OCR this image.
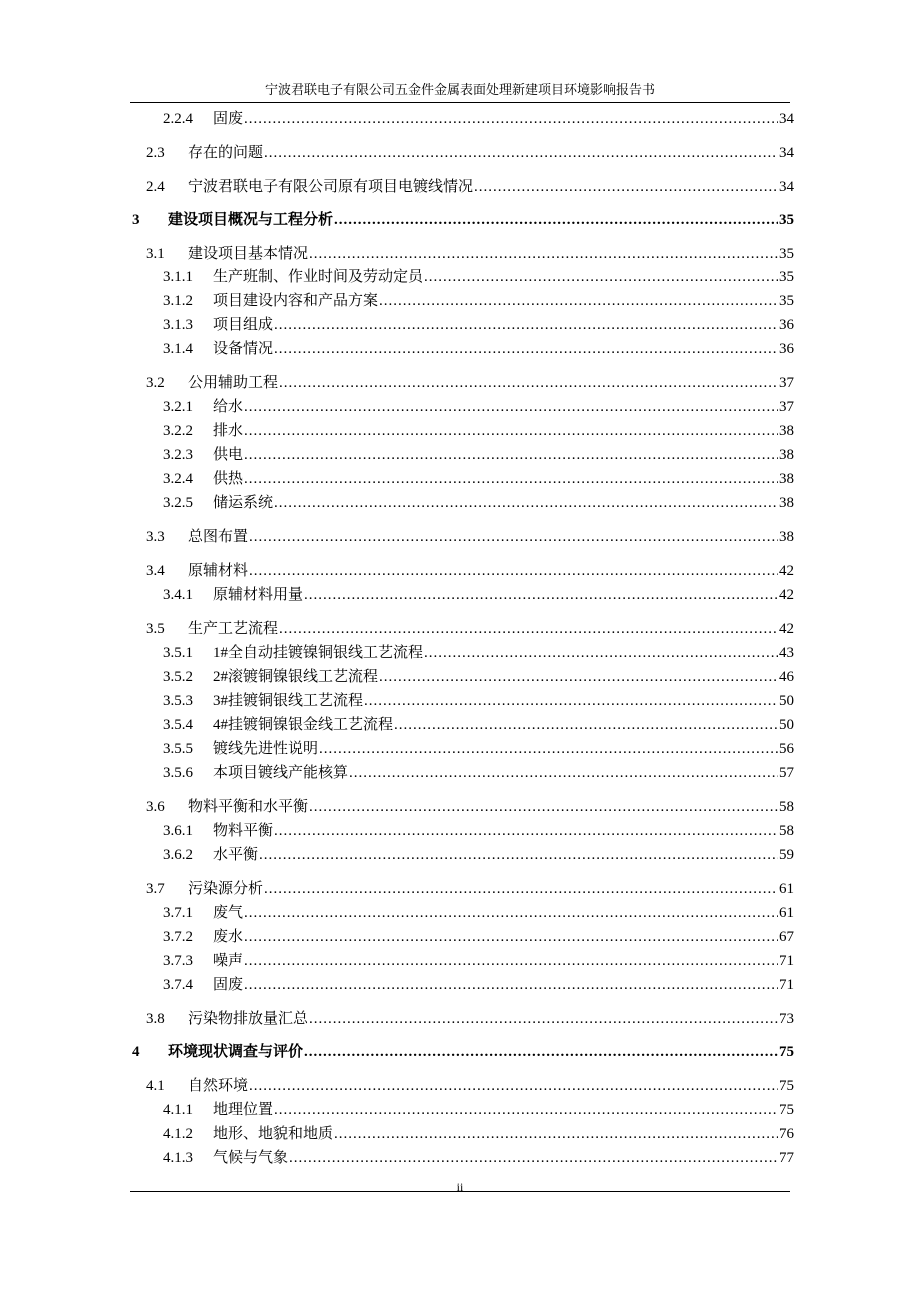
宁波君联电子有限公司五金件金属表面处理新建项目环境影响报告书
2.2.4	固废 .....	34
2.3	存在的问题 .....	34
2.4	宁波君联电子有限公司原有项目电镀线情况 .....	34
3	建设项目概况与工程分析 .....	35
3.1	建设项目基本情况 .....	35
3.1.1	生产班制、作业时间及劳动定员 .....	35
3.1.2	项目建设内容和产品方案 .....	35
3.1.3	项目组成 .....	36
3.1.4	设备情况 .....	36
3.2	公用辅助工程 .....	37
3.2.1	给水 .....	37
3.2.2	排水 .....	38
3.2.3	供电 .....	38
3.2.4	供热 .....	38
3.2.5	储运系统 .....	38
3.3	总图布置 .....	38
3.4	原辅材料 .....	42
3.4.1	原辅材料用量 .....	42
3.5	生产工艺流程 .....	42
3.5.1	1#全自动挂镀镍铜银线工艺流程 .....	43
3.5.2	2#滚镀铜镍银线工艺流程 .....	46
3.5.3	3#挂镀铜银线工艺流程 .....	50
3.5.4	4#挂镀铜镍银金线工艺流程 .....	50
3.5.5	镀线先进性说明 .....	56
3.5.6	本项目镀线产能核算 .....	57
3.6	物料平衡和水平衡 .....	58
3.6.1	物料平衡 .....	58
3.6.2	水平衡 .....	59
3.7	污染源分析 .....	61
3.7.1	废气 .....	61
3.7.2	废水 .....	67
3.7.3	噪声 .....	71
3.7.4	固废 .....	71
3.8	污染物排放量汇总 .....	73
4	环境现状调查与评价 .....	75
4.1	自然环境 .....	75
4.1.1	地理位置 .....	75
4.1.2	地形、地貌和地质 .....	76
4.1.3	气候与气象 .....	77
ii
